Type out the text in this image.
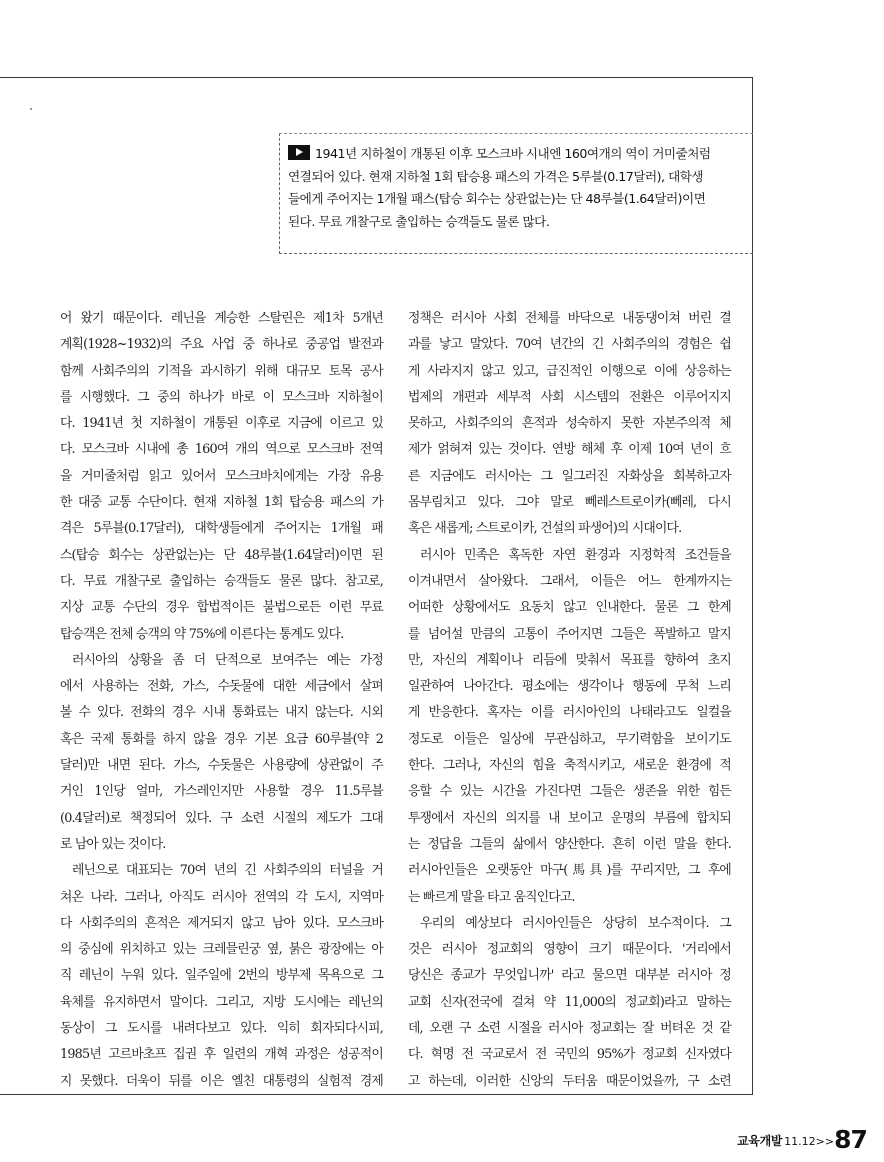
1941년 지하철이 개통된 이후 모스크바 시내엔 160여개의 역이 거미줄처럼
연결되어 있다. 현재 지하철 1회 탑승용 패스의 가격은 5루블(0.17달러), 대학생
들에게 주어지는 1개월 패스(탑승 회수는 상관없는)는 단 48루블(1.64달러)이면
된다. 무료 개찰구로 출입하는 승객들도 물론 많다.
어 왔기 때문이다. 레닌을 계승한 스탈린은 제1차 5개년
계획(1928~1932)의 주요 사업 중 하나로 중공업 발전과
함께 사회주의의 기적을 과시하기 위해 대규모 토목 공사
를 시행했다. 그 중의 하나가 바로 이 모스크바 지하철이
다. 1941년 첫 지하철이 개통된 이후로 지금에 이르고 있
다. 모스크바 시내에 총 160여 개의 역으로 모스크바 전역
을 거미줄처럼 읽고 있어서 모스크바치에게는 가장 유용
한 대중 교통 수단이다. 현재 지하철 1회 탑승용 패스의 가
격은 5루블(0.17달러), 대학생들에게 주어지는 1개월 패
스(탑승 회수는 상관없는)는 단 48루블(1.64달러)이면 된
다. 무료 개찰구로 출입하는 승객들도 물론 많다. 참고로,
지상 교통 수단의 경우 합법적이든 불법으로든 이런 무료
탑승객은 전체 승객의 약 75%에 이른다는 통계도 있다.
러시아의 상황을 좀 더 단적으로 보여주는 예는 가정
에서 사용하는 전화, 가스, 수돗물에 대한 세금에서 살펴
볼 수 있다. 전화의 경우 시내 통화료는 내지 않는다. 시외
혹은 국제 통화를 하지 않을 경우 기본 요금 60루블(약 2
달러)만 내면 된다. 가스, 수돗물은 사용량에 상관없이 주
거인 1인당 얼마, 가스레인지만 사용할 경우 11.5루블
(0.4달러)로 책정되어 있다. 구 소련 시절의 제도가 그대
로 남아 있는 것이다.
레닌으로 대표되는 70여 년의 긴 사회주의의 터널을 거
쳐온 나라. 그러나, 아직도 러시아 전역의 각 도시, 지역마
다 사회주의의 흔적은 제거되지 않고 남아 있다. 모스크바
의 중심에 위치하고 있는 크레믈린궁 옆, 붉은 광장에는 아
직 레닌이 누워 있다. 일주일에 2번의 방부제 목욕으로 그
육체를 유지하면서 말이다. 그리고, 지방 도시에는 레닌의
동상이 그 도시를 내려다보고 있다. 익히 회자되다시피,
1985년 고르바초프 집권 후 일련의 개혁 과정은 성공적이
지 못했다. 더욱이 뒤를 이은 옐친 대통령의 실험적 경제
정책은 러시아 사회 전체를 바닥으로 내동댕이쳐 버린 결
과를 낳고 말았다. 70여 년간의 긴 사회주의의 경험은 쉽
게 사라지지 않고 있고, 급진적인 이행으로 이에 상응하는
법제의 개편과 세부적 사회 시스템의 전환은 이루어지지
못하고, 사회주의의 흔적과 성숙하지 못한 자본주의적 체
제가 얽혀져 있는 것이다. 연방 해체 후 이제 10여 년이 흐
른 지금에도 러시아는 그 일그러진 자화상을 회복하고자
몸부림치고 있다. 그야 말로 뻬레스트로이카(뻬레, 다시
혹은 새롭게; 스트로이카, 건설의 파생어)의 시대이다.
러시아 민족은 혹독한 자연 환경과 지정학적 조건들을
이겨내면서 살아왔다. 그래서, 이들은 어느 한계까지는
어떠한 상황에서도 요동치 않고 인내한다. 물론 그 한계
를 넘어설 만큼의 고통이 주어지면 그들은 폭발하고 말지
만, 자신의 계획이나 리듬에 맞춰서 목표를 향하여 초지
일관하여 나아간다. 평소에는 생각이나 행동에 무척 느리
게 반응한다. 혹자는 이를 러시아인의 나태라고도 일컬을
정도로 이들은 일상에 무관심하고, 무기력함을 보이기도
한다. 그러나, 자신의 힘을 축적시키고, 새로운 환경에 적
응할 수 있는 시간을 가진다면 그들은 생존을 위한 힘든
투쟁에서 자신의 의지를 내 보이고 운명의 부름에 합치되
는 정답을 그들의 삶에서 양산한다. 흔히 이런 말을 한다.
러시아인들은 오랫동안 마구(馬具)를 꾸리지만, 그 후에
는 빠르게 말을 타고 움직인다고.
우리의 예상보다 러시아인들은 상당히 보수적이다. 그
것은 러시아 정교회의 영향이 크기 때문이다. '거리에서
당신은 종교가 무엇입니까' 라고 물으면 대부분 러시아 정
교회 신자(전국에 걸쳐 약 11,000의 정교회)라고 말하는
데, 오랜 구 소련 시절을 러시아 정교회는 잘 버텨온 것 같
다. 혁명 전 국교로서 전 국민의 95%가 정교회 신자였다
고 하는데, 이러한 신앙의 두터움 때문이었을까, 구 소련
교육개발 11.12>>87
